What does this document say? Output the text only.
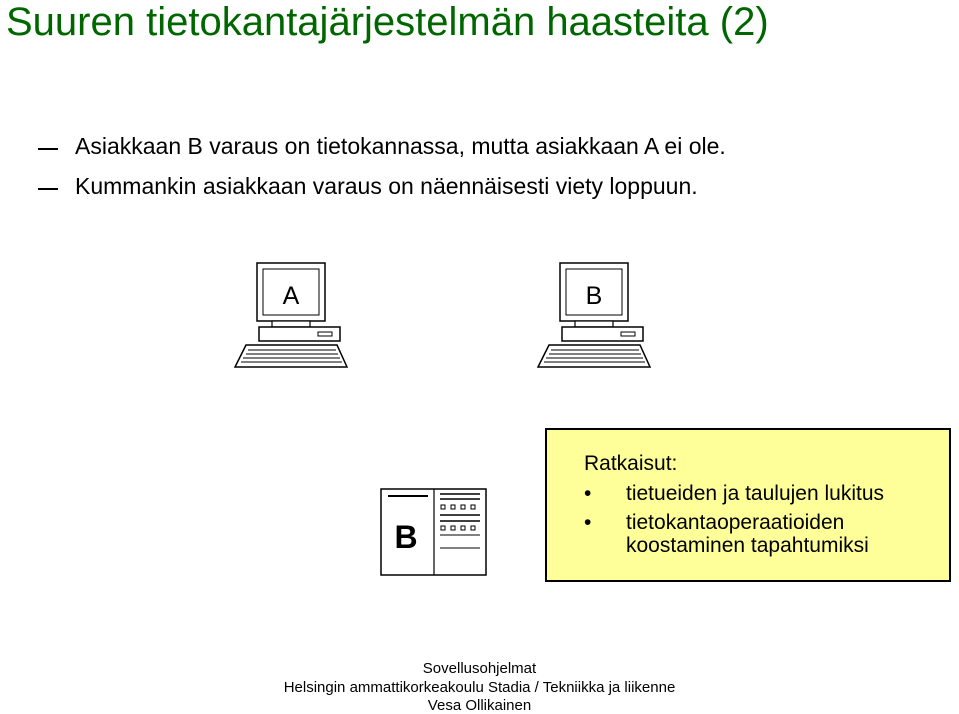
Suuren tietokantajärjestelmän haasteita (2)
Asiakkaan B varaus on tietokannassa, mutta asiakkaan A ei ole.
Kummankin asiakkaan varaus on näennäisesti viety loppuun.
A	B
B
Ratkaisut:
• tietueiden ja taulujen lukitus
• tietokantaoperaatioiden
koostaminen tapahtumiksi
Sovellusohjelmat
Helsingin ammattikorkeakoulu Stadia / Tekniikka ja liikenne
Vesa Ollikainen
